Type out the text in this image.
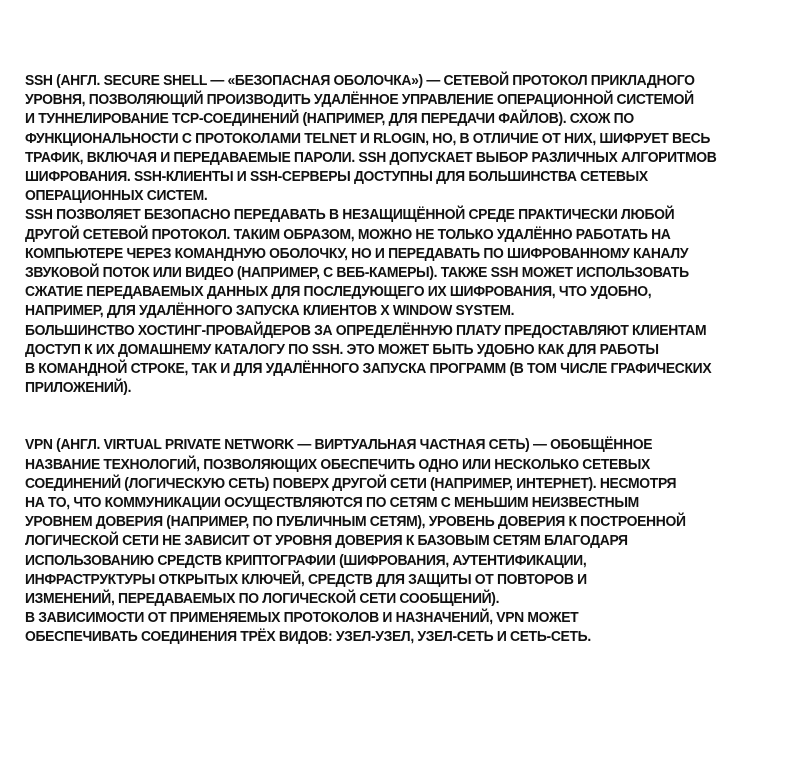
SSH (АНГЛ. SECURE SHELL — «БЕЗОПАСНАЯ ОБОЛОЧКА») — СЕТЕВОЙ ПРОТОКОЛ ПРИКЛАДНОГО
УРОВНЯ, ПОЗВОЛЯЮЩИЙ ПРОИЗВОДИТЬ УДАЛЁННОЕ УПРАВЛЕНИЕ ОПЕРАЦИОННОЙ СИСТЕМОЙ
И ТУННЕЛИРОВАНИЕ TCP-СОЕДИНЕНИЙ (НАПРИМЕР, ДЛЯ ПЕРЕДАЧИ ФАЙЛОВ). СХОЖ ПО
ФУНКЦИОНАЛЬНОСТИ С ПРОТОКОЛАМИ TELNET И RLOGIN, НО, В ОТЛИЧИЕ ОТ НИХ, ШИФРУЕТ ВЕСЬ
ТРАФИК, ВКЛЮЧАЯ И ПЕРЕДАВАЕМЫЕ ПАРОЛИ. SSH ДОПУСКАЕТ ВЫБОР РАЗЛИЧНЫХ АЛГОРИТМОВ
ШИФРОВАНИЯ. SSH-КЛИЕНТЫ И SSH-СЕРВЕРЫ ДОСТУПНЫ ДЛЯ БОЛЬШИНСТВА СЕТЕВЫХ
ОПЕРАЦИОННЫХ СИСТЕМ.

SSH ПОЗВОЛЯЕТ БЕЗОПАСНО ПЕРЕДАВАТЬ В НЕЗАЩИЩЁННОЙ СРЕДЕ ПРАКТИЧЕСКИ ЛЮБОЙ
ДРУГОЙ СЕТЕВОЙ ПРОТОКОЛ. ТАКИМ ОБРАЗОМ, МОЖНО НЕ ТОЛЬКО УДАЛЁННО РАБОТАТЬ НА
КОМПЬЮТЕРЕ ЧЕРЕЗ КОМАНДНУЮ ОБОЛОЧКУ, НО И ПЕРЕДАВАТЬ ПО ШИФРОВАННОМУ КАНАЛУ
ЗВУКОВОЙ ПОТОК ИЛИ ВИДЕО (НАПРИМЕР, С ВЕБ-КАМЕРЫ). ТАКЖЕ SSH МОЖЕТ ИСПОЛЬЗОВАТЬ
СЖАТИЕ ПЕРЕДАВАЕМЫХ ДАННЫХ ДЛЯ ПОСЛЕДУЮЩЕГО ИХ ШИФРОВАНИЯ, ЧТО УДОБНО,
НАПРИМЕР, ДЛЯ УДАЛЁННОГО ЗАПУСКА КЛИЕНТОВ X WINDOW SYSTEM.

БОЛЬШИНСТВО ХОСТИНГ-ПРОВАЙДЕРОВ ЗА ОПРЕДЕЛЁННУЮ ПЛАТУ ПРЕДОСТАВЛЯЮТ КЛИЕНТАМ
ДОСТУП К ИХ ДОМАШНЕМУ КАТАЛОГУ ПО SSH. ЭТО МОЖЕТ БЫТЬ УДОБНО КАК ДЛЯ РАБОТЫ
В КОМАНДНОЙ СТРОКЕ, ТАК И ДЛЯ УДАЛЁННОГО ЗАПУСКА ПРОГРАММ (В ТОМ ЧИСЛЕ ГРАФИЧЕСКИХ
ПРИЛОЖЕНИЙ).

VPN (АНГЛ. VIRTUAL PRIVATE NETWORK — ВИРТУАЛЬНАЯ ЧАСТНАЯ СЕТЬ) — ОБОБЩЁННОЕ
НАЗВАНИЕ ТЕХНОЛОГИЙ, ПОЗВОЛЯЮЩИХ ОБЕСПЕЧИТЬ ОДНО ИЛИ НЕСКОЛЬКО СЕТЕВЫХ
СОЕДИНЕНИЙ (ЛОГИЧЕСКУЮ СЕТЬ) ПОВЕРХ ДРУГОЙ СЕТИ (НАПРИМЕР, ИНТЕРНЕТ). НЕСМОТРЯ
НА ТО, ЧТО КОММУНИКАЦИИ ОСУЩЕСТВЛЯЮТСЯ ПО СЕТЯМ С МЕНЬШИМ НЕИЗВЕСТНЫМ
УРОВНЕМ ДОВЕРИЯ (НАПРИМЕР, ПО ПУБЛИЧНЫМ СЕТЯМ), УРОВЕНЬ ДОВЕРИЯ К ПОСТРОЕННОЙ
ЛОГИЧЕСКОЙ СЕТИ НЕ ЗАВИСИТ ОТ УРОВНЯ ДОВЕРИЯ К БАЗОВЫМ СЕТЯМ БЛАГОДАРЯ
ИСПОЛЬЗОВАНИЮ СРЕДСТВ КРИПТОГРАФИИ (ШИФРОВАНИЯ, АУТЕНТИФИКАЦИИ,
ИНФРАСТРУКТУРЫ ОТКРЫТЫХ КЛЮЧЕЙ, СРЕДСТВ ДЛЯ ЗАЩИТЫ ОТ ПОВТОРОВ И
ИЗМЕНЕНИЙ, ПЕРЕДАВАЕМЫХ ПО ЛОГИЧЕСКОЙ СЕТИ СООБЩЕНИЙ).

В ЗАВИСИМОСТИ ОТ ПРИМЕНЯЕМЫХ ПРОТОКОЛОВ И НАЗНАЧЕНИЙ, VPN МОЖЕТ
ОБЕСПЕЧИВАТЬ СОЕДИНЕНИЯ ТРЁХ ВИДОВ: УЗЕЛ-УЗЕЛ, УЗЕЛ-СЕТЬ И СЕТЬ-СЕТЬ.
